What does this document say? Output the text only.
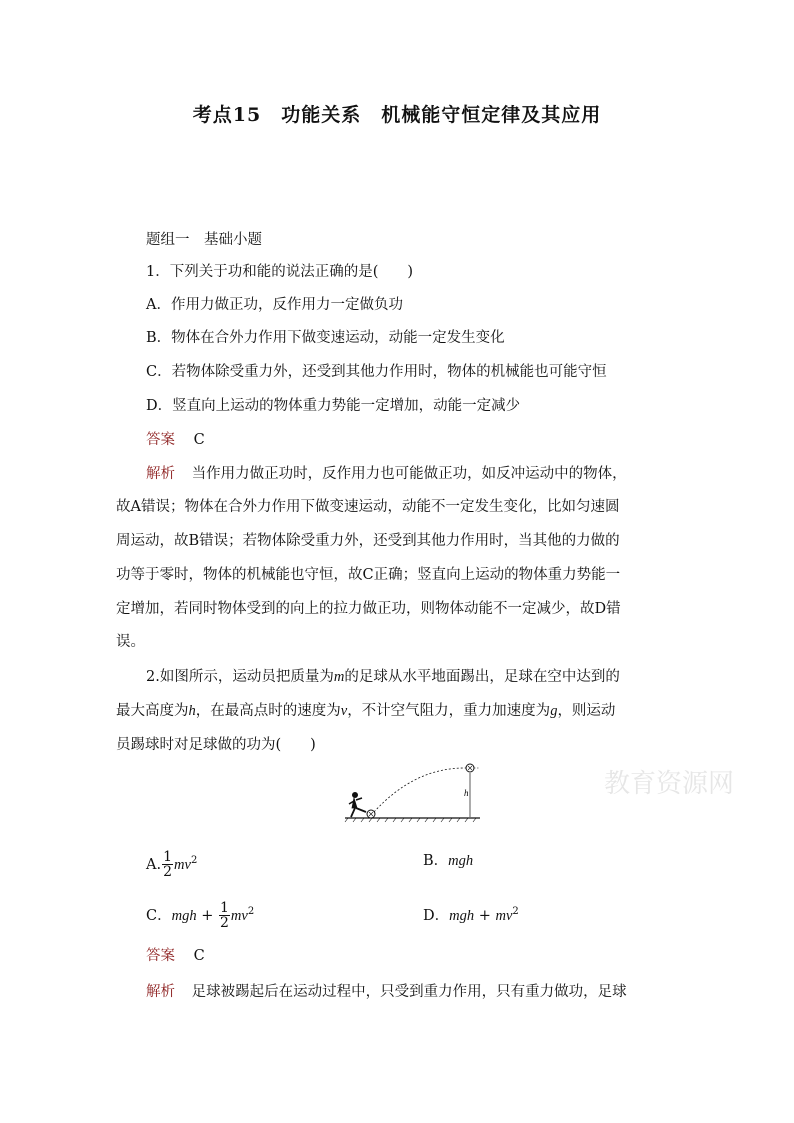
考点15　功能关系　机械能守恒定律及其应用
题组一　基础小题
1．下列关于功和能的说法正确的是(　　)
A．作用力做正功，反作用力一定做负功
B．物体在合外力作用下做变速运动，动能一定发生变化
C．若物体除受重力外，还受到其他力作用时，物体的机械能也可能守恒
D．竖直向上运动的物体重力势能一定增加，动能一定减少
答案 C
解析 当作用力做正功时，反作用力也可能做正功，如反冲运动中的物体，
故A错误；物体在合外力作用下做变速运动，动能不一定发生变化，比如匀速圆
周运动，故B错误；若物体除受重力外，还受到其他力作用时，当其他的力做的
功等于零时，物体的机械能也守恒，故C正确；竖直向上运动的物体重力势能一
定增加，若同时物体受到的向上的拉力做正功，则物体动能不一定减少，故D错
误。
2.如图所示，运动员把质量为m的足球从水平地面踢出，足球在空中达到的
最大高度为h，在最高点时的速度为v，不计空气阻力，重力加速度为g，则运动
员踢球时对足球做的功为(　　)
h	教育资源网
A. $\frac{1}{2} mv^2$	B．mgh
C．mgh + $\frac{1}{2} mv^2$	D．mgh + $mv^2$
答案 C
解析 足球被踢起后在运动过程中，只受到重力作用，只有重力做功，足球
